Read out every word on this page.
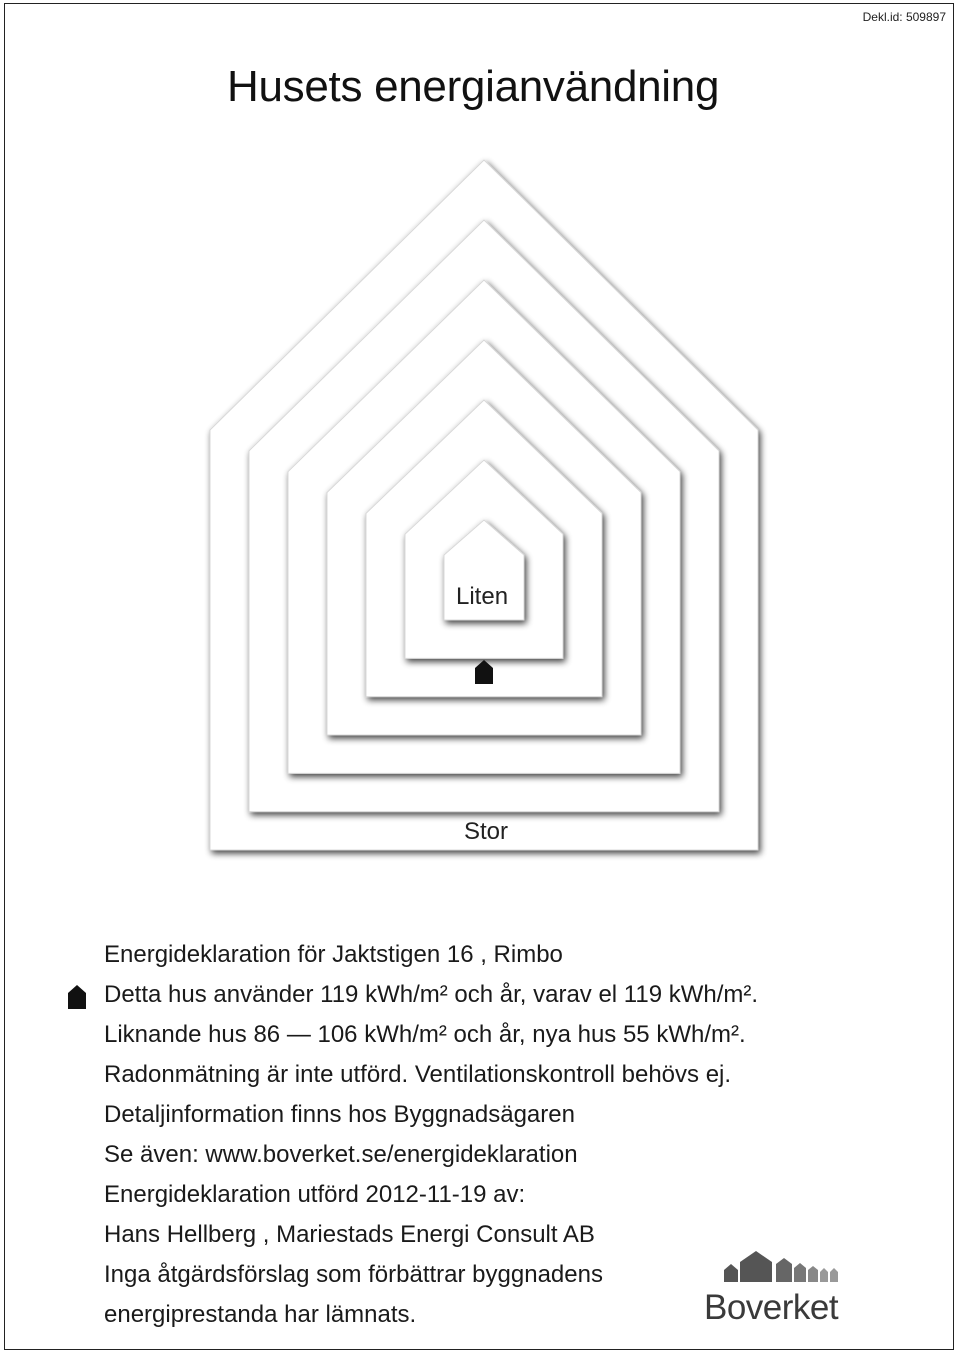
Dekl.id: 509897
Husets energianvändning
Liten
Stor
Energideklaration för Jaktstigen 16 , Rimbo
Detta hus använder 119 kWh/m² och år, varav el 119 kWh/m².
Liknande hus 86 — 106 kWh/m² och år, nya hus 55 kWh/m².
Radonmätning är inte utförd. Ventilationskontroll behövs ej.
Detaljinformation finns hos Byggnadsägaren
Se även: www.boverket.se/energideklaration
Energideklaration utförd 2012-11-19 av:
Hans Hellberg , Mariestads Energi Consult AB
Inga åtgärdsförslag som förbättrar byggnadens
energiprestanda har lämnats.	Boverket
